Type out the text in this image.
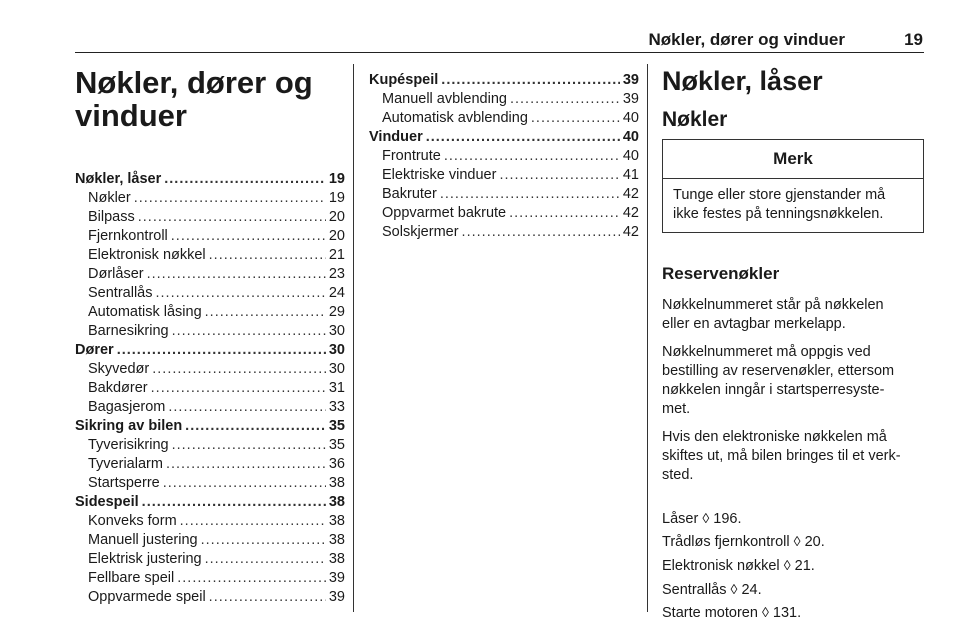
Nøkler, dører og vinduer	19
Nøkler, dører og
vinduer
Nøkler, låser .....	19
Nøkler .....	19
Bilpass .....	20
Fjernkontroll .....	20
Elektronisk nøkkel .....	21
Dørlåser .....	23
Sentrallås .....	24
Automatisk låsing .....	29
Barnesikring .....	30
Dører .....	30
Skyvedør .....	30
Bakdører .....	31
Bagasjerom .....	33
Sikring av bilen .....	35
Tyverisikring .....	35
Tyverialarm .....	36
Startsperre .....	38
Sidespeil .....	38
Konveks form .....	38
Manuell justering .....	38
Elektrisk justering .....	38
Fellbare speil .....	39
Oppvarmede speil .....	39
Kupéspeil .....	39
Manuell avblending .....	39
Automatisk avblending .....	40
Vinduer .....	40
Frontrute .....	40
Elektriske vinduer .....	41
Bakruter .....	42
Oppvarmet bakrute .....	42
Solskjermer .....	42
Nøkler, låser
Nøkler
Merk
Tunge eller store gjenstander må
ikke festes på tenningsnøkkelen.
Reservenøkler

Nøkkelnummeret står på nøkkelen
eller en avtagbar merkelapp.

Nøkkelnummeret må oppgis ved
bestilling av reservenøkler, ettersom
nøkkelen inngår i startsperresyste-
met.

Hvis den elektroniske nøkkelen må
skiftes ut, må bilen bringes til et verk-
sted.

Låser ◊ 196.

Trådløs fjernkontroll ◊ 20.

Elektronisk nøkkel ◊ 21.

Sentrallås ◊ 24.

Starte motoren ◊ 131.
